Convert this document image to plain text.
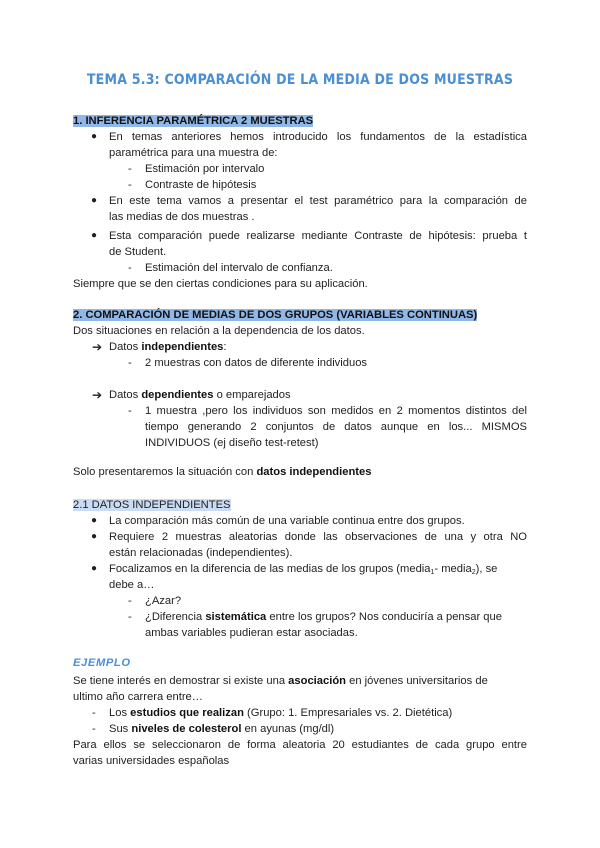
TEMA 5.3: COMPARACIÓN DE LA MEDIA DE DOS MUESTRAS
1. INFERENCIA PARAMÉTRICA 2 MUESTRAS
● En temas anteriores hemos introducido los fundamentos de la estadística
paramétrica para una muestra de:
- Estimación por intervalo
- Contraste de hipótesis
● En este tema vamos a presentar el test paramétrico para la comparación de
las medias de dos muestras .
● Esta comparación puede realizarse mediante Contraste de hipótesis: prueba t
de Student.
- Estimación del intervalo de confianza.
Siempre que se den ciertas condiciones para su aplicación.
2. COMPARACIÓN DE MEDIAS DE DOS GRUPOS (VARIABLES CONTINUAS)
Dos situaciones en relación a la dependencia de los datos.
➔ Datos independientes:
- 2 muestras con datos de diferente individuos
➔ Datos dependientes o emparejados
- 1 muestra ,pero los individuos son medidos en 2 momentos distintos del
tiempo generando 2 conjuntos de datos aunque en los... MISMOS
INDIVIDUOS (ej diseño test-retest)
Solo presentaremos la situación con datos independientes
2.1 DATOS INDEPENDIENTES
● La comparación más común de una variable continua entre dos grupos.
● Requiere 2 muestras aleatorias donde las observaciones de una y otra NO
están relacionadas (independientes).
● Focalizamos en la diferencia de las medias de los grupos (media$_1$- media$_2$), se
debe a…
- ¿Azar?
- ¿Diferencia sistemática entre los grupos? Nos conduciría a pensar que
ambas variables pudieran estar asociadas.
EJEMPLO
Se tiene interés en demostrar si existe una asociación en jóvenes universitarios de
ultimo año carrera entre…
- Los estudios que realizan (Grupo: 1. Empresariales vs. 2. Dietética)
- Sus niveles de colesterol en ayunas (mg/dl)
Para ellos se seleccionaron de forma aleatoria 20 estudiantes de cada grupo entre
varias universidades españolas
